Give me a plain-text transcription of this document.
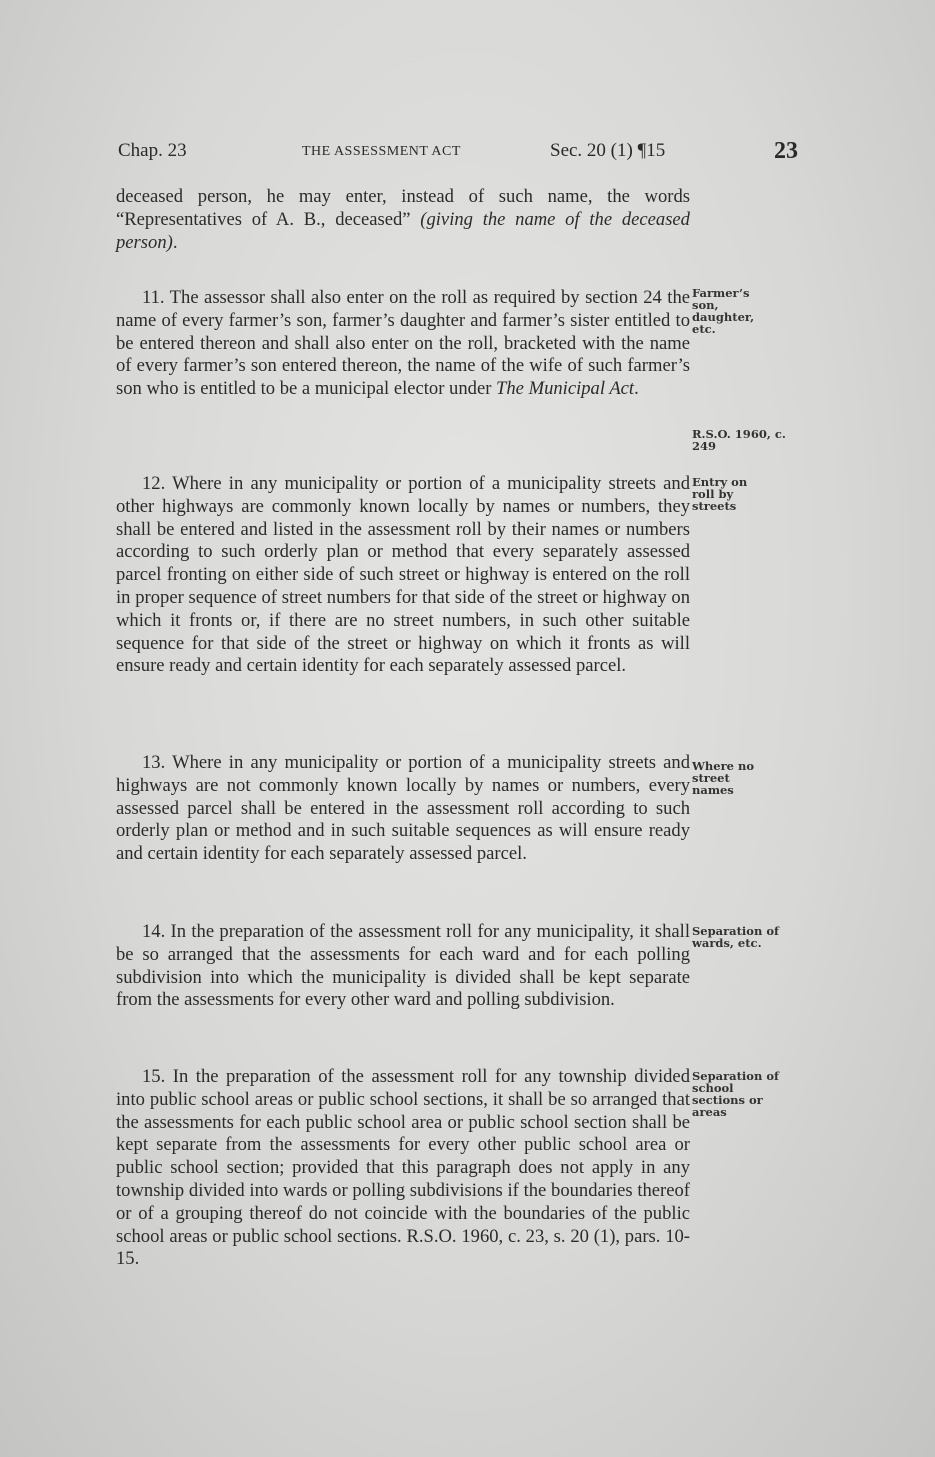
Chap. 23	THE ASSESSMENT ACT	Sec. 20 (1) ¶15	23

deceased person, he may enter, instead of such name, the words “Representatives of A. B., deceased” (giving the name of the deceased person).

11. The assessor shall also enter on the roll as required by section 24 the name of every farmer’s son, farmer’s daughter and farmer’s sister entitled to be entered thereon and shall also enter on the roll, bracketed with the name of every farmer’s son entered thereon, the name of the wife of such farmer’s son who is entitled to be a municipal elector under The Municipal Act.

12. Where in any municipality or portion of a municipality streets and other highways are commonly known locally by names or numbers, they shall be entered and listed in the assessment roll by their names or numbers according to such orderly plan or method that every separately assessed parcel fronting on either side of such street or highway is entered on the roll in proper sequence of street numbers for that side of the street or highway on which it fronts or, if there are no street numbers, in such other suitable sequence for that side of the street or highway on which it fronts as will ensure ready and certain identity for each separately assessed parcel.

13. Where in any municipality or portion of a municipality streets and highways are not commonly known locally by names or numbers, every assessed parcel shall be entered in the assessment roll according to such orderly plan or method and in such suitable sequences as will ensure ready and certain identity for each separately assessed parcel.

14. In the preparation of the assessment roll for any municipality, it shall be so arranged that the assessments for each ward and for each polling subdivision into which the municipality is divided shall be kept separate from the assessments for every other ward and polling subdivision.

15. In the preparation of the assessment roll for any township divided into public school areas or public school sections, it shall be so arranged that the assessments for each public school area or public school section shall be kept separate from the assessments for every other public school area or public school section; provided that this paragraph does not apply in any township divided into wards or polling subdivisions if the boundaries thereof or of a grouping thereof do not coincide with the boundaries of the public school areas or public school sections. R.S.O. 1960, c. 23, s. 20 (1), pars. 10-15.

Farmer’s son, daughter, etc.
R.S.O. 1960, c. 249
Entry on roll by streets
Where no street names
Separation of wards, etc.
Separation of school sections or areas
